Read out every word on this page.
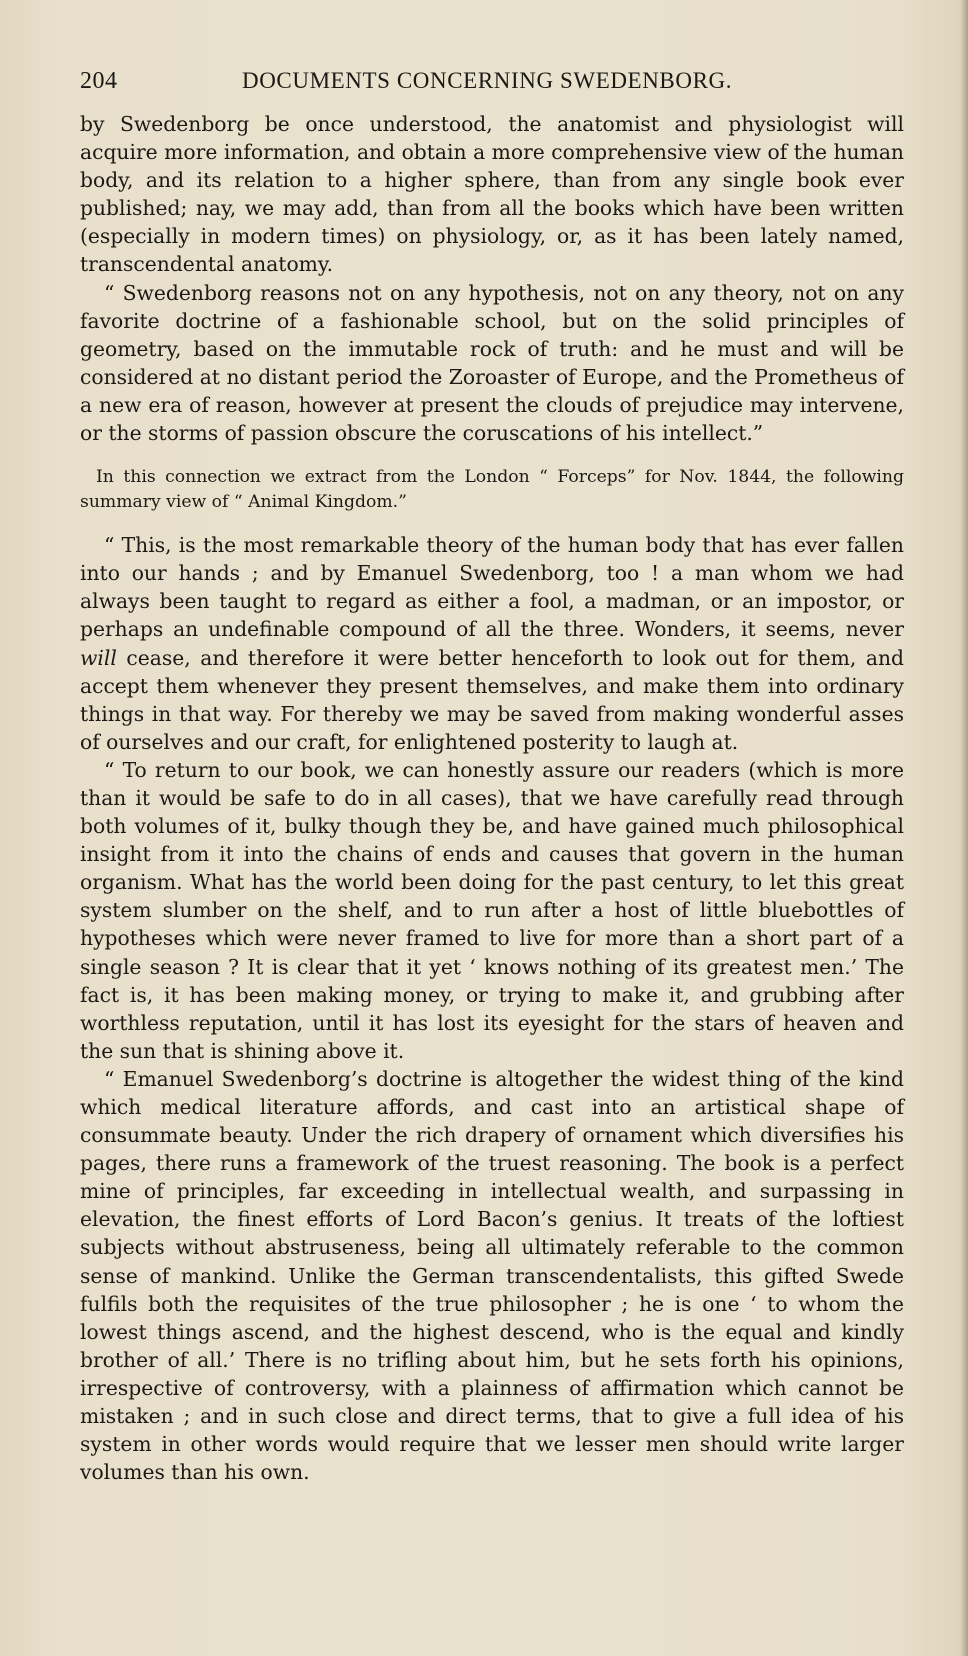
204	DOCUMENTS CONCERNING SWEDENBORG.

by Swedenborg be once understood, the anatomist and physiologist will acquire more information, and obtain a more comprehensive view of the human body, and its relation to a higher sphere, than from any single book ever published; nay, we may add, than from all the books which have been written (especially in modern times) on physiology, or, as it has been lately named, transcendental anatomy.

“ Swedenborg reasons not on any hypothesis, not on any theory, not on any favorite doctrine of a fashionable school, but on the solid principles of geometry, based on the immutable rock of truth: and he must and will be considered at no distant period the Zoroaster of Europe, and the Prometheus of a new era of reason, however at present the clouds of prejudice may intervene, or the storms of passion obscure the coruscations of his intellect.”

In this connection we extract from the London “ Forceps” for Nov. 1844, the following summary view of “ Animal Kingdom.”

“ This, is the most remarkable theory of the human body that has ever fallen into our hands ; and by Emanuel Swedenborg, too ! a man whom we had always been taught to regard as either a fool, a madman, or an impostor, or perhaps an undefinable compound of all the three. Wonders, it seems, never will cease, and therefore it were better henceforth to look out for them, and accept them whenever they present themselves, and make them into ordinary things in that way. For thereby we may be saved from making wonderful asses of ourselves and our craft, for enlightened posterity to laugh at.

“ To return to our book, we can honestly assure our readers (which is more than it would be safe to do in all cases), that we have carefully read through both volumes of it, bulky though they be, and have gained much philosophical insight from it into the chains of ends and causes that govern in the human organism. What has the world been doing for the past century, to let this great system slumber on the shelf, and to run after a host of little bluebottles of hypotheses which were never framed to live for more than a short part of a single season ? It is clear that it yet ‘ knows nothing of its greatest men.’ The fact is, it has been making money, or trying to make it, and grubbing after worthless reputation, until it has lost its eyesight for the stars of heaven and the sun that is shining above it.

“ Emanuel Swedenborg’s doctrine is altogether the widest thing of the kind which medical literature affords, and cast into an artistical shape of consummate beauty. Under the rich drapery of ornament which diversifies his pages, there runs a framework of the truest reasoning. The book is a perfect mine of principles, far exceeding in intellectual wealth, and surpassing in elevation, the finest efforts of Lord Bacon’s genius. It treats of the loftiest subjects without abstruseness, being all ultimately referable to the common sense of mankind. Unlike the German transcendentalists, this gifted Swede fulfils both the requisites of the true philosopher ; he is one ‘ to whom the lowest things ascend, and the highest descend, who is the equal and kindly brother of all.’ There is no trifling about him, but he sets forth his opinions, irrespective of controversy, with a plainness of affirmation which cannot be mistaken ; and in such close and direct terms, that to give a full idea of his system in other words would require that we lesser men should write larger volumes than his own.
